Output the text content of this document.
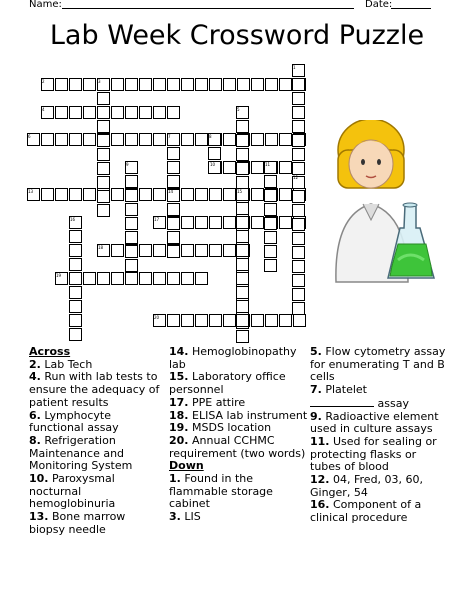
Name:	Date:
Lab Week Crossword Puzzle
1
2	3
4	5
6	7	8
9	10	11
12
13	14	15
16	17
18
19
20
Across
2. Lab Tech
4. Run with lab tests to ensure the adequacy of patient results
6. Lymphocyte functional assay
8. Refrigeration Maintenance and Monitoring System
10. Paroxysmal nocturnal hemoglobinuria
13. Bone marrow biopsy needle
14. Hemoglobinopathy lab
15. Laboratory office personnel
17. PPE attire
18. ELISA lab instrument
19. MSDS location
20. Annual CCHMC requirement (two words)
Down
1. Found in the flammable storage cabinet
3. LIS
5. Flow cytometry assay for enumerating T and B cells
7. Platelet
assay
9. Radioactive element used in culture assays
11. Used for sealing or protecting flasks or tubes of blood
12. 04, Fred, 03, 60, Ginger, 54
16. Component of a clinical procedure
